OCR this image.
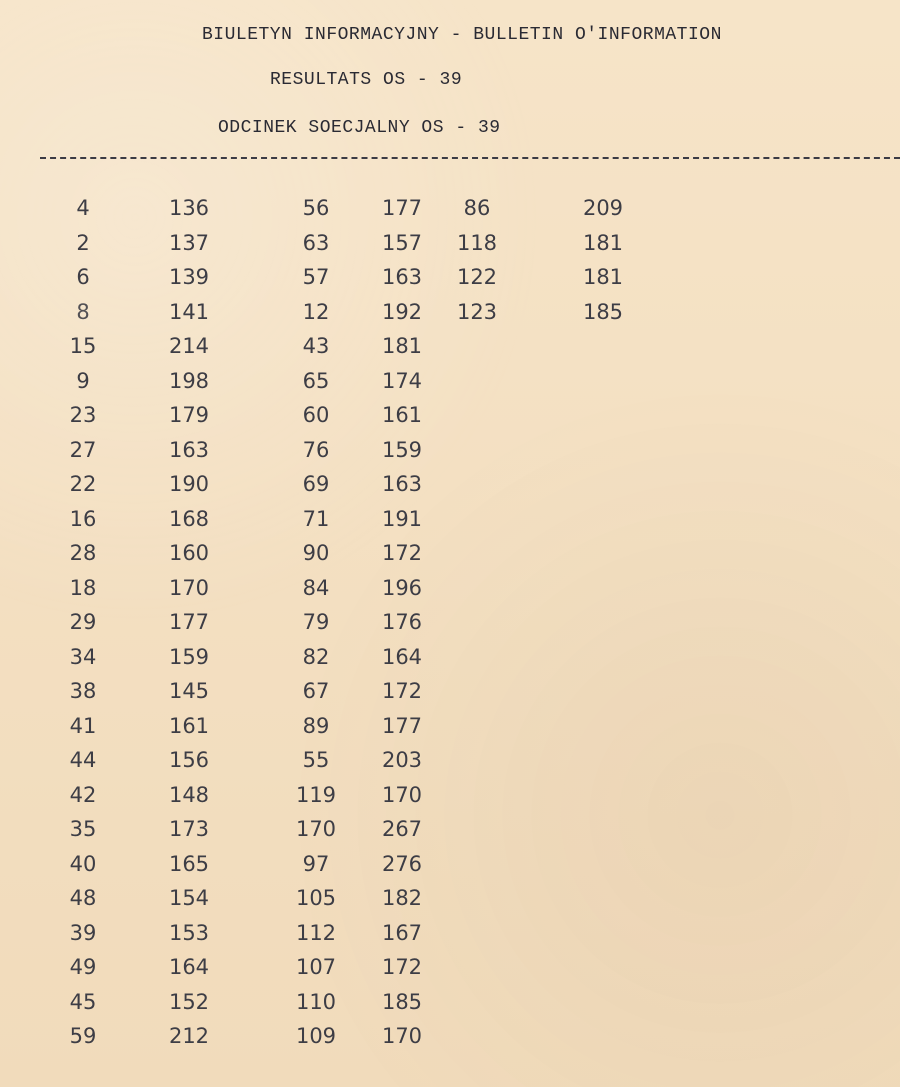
BIULETYN INFORMACYJNY - BULLETIN O'INFORMATION
RESULTATS OS - 39
ODCINEK SOECJALNY OS - 39
4
2
6
8
15
9
23
27
22
16
28
18
29
34
38
41
44
42
35
40
48
39
49
45
59
136
137
139
141
214
198
179
163
190
168
160
170
177
159
145
161
156
148
173
165
154
153
164
152
212
56
63
57
12
43
65
60
76
69
71
90
84
79
82
67
89
55
119
170
97
105
112
107
110
109
177
157
163
192
181
174
161
159
163
191
172
196
176
164
172
177
203
170
267
276
182
167
172
185
170
86
118
122
123
209
181
181
185
